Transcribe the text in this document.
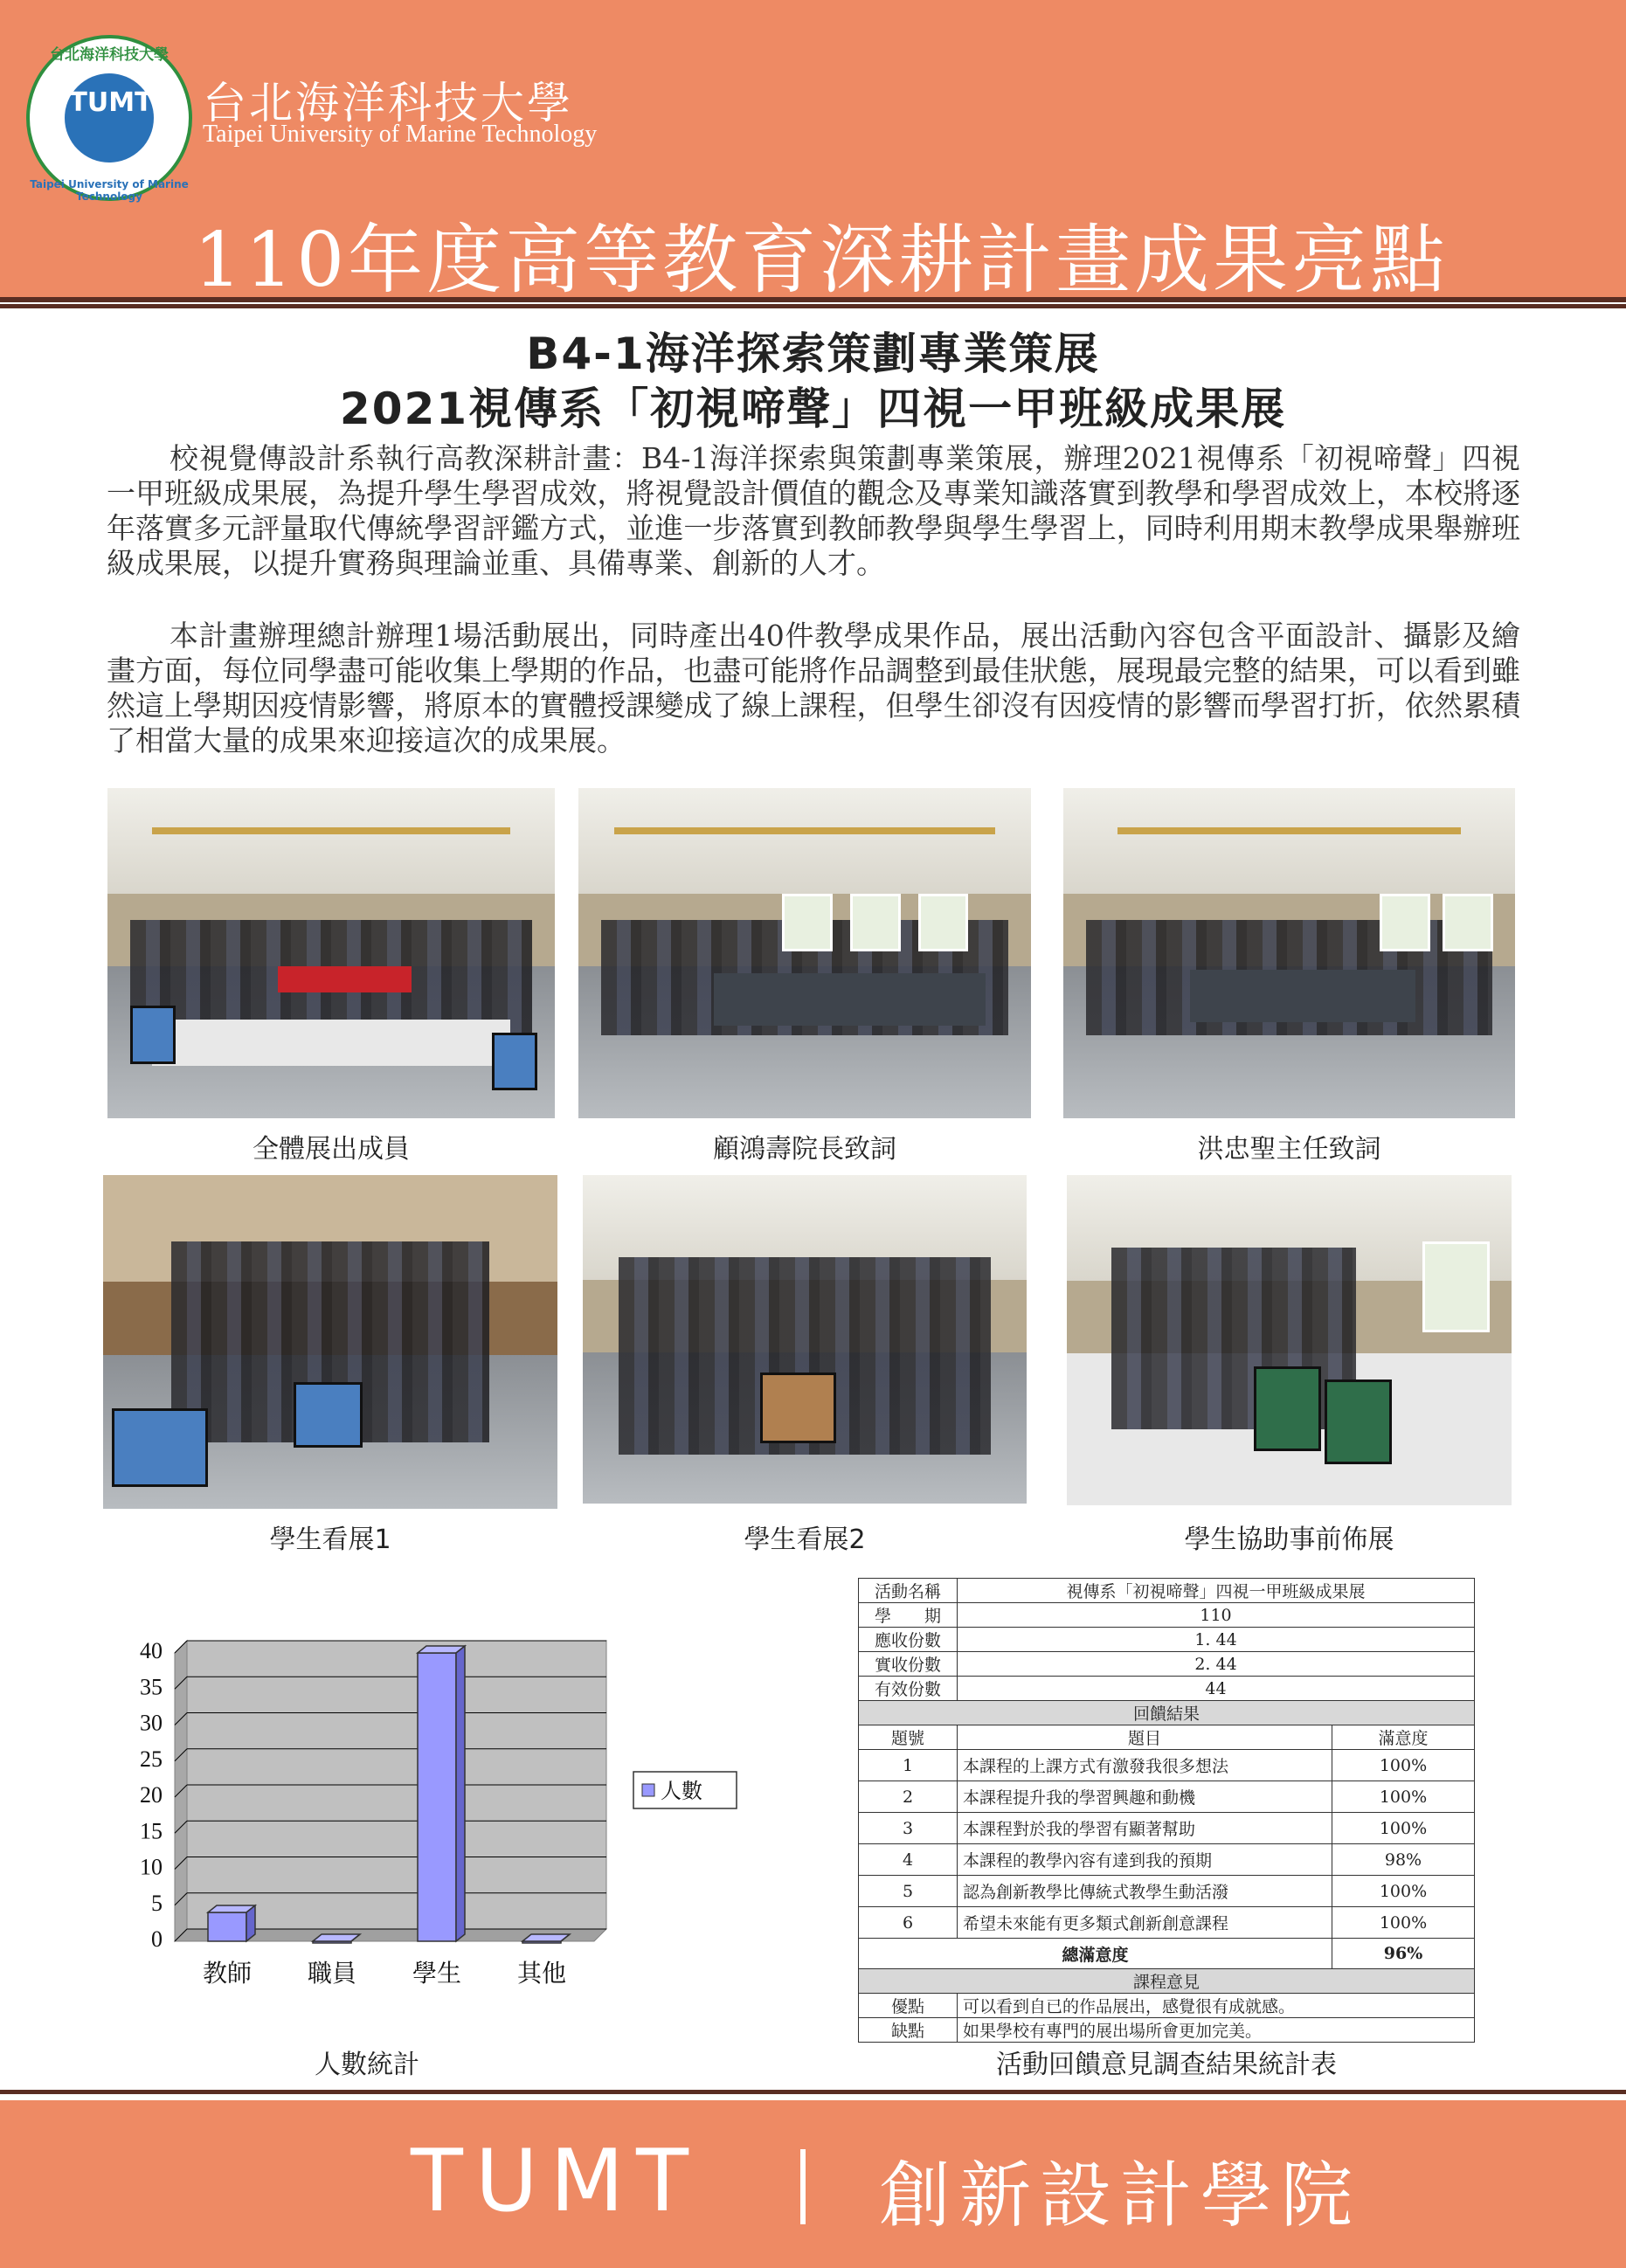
台北海洋科技大學
TUMT
Taipei University of Marine Technology
台北海洋科技大學
Taipei University of Marine Technology
110年度高等教育深耕計畫成果亮點
B4-1海洋探索策劃專業策展
2021視傳系「初視啼聲」四視一甲班級成果展
校視覺傳設計系執行高教深耕計畫：B4-1海洋探索與策劃專業策展，辦理2021視傳系「初視啼聲」四視一甲班級成果展，為提升學生學習成效，將視覺設計價值的觀念及專業知識落實到教學和學習成效上，本校將逐年落實多元評量取代傳統學習評鑑方式，並進一步落實到教師教學與學生學習上，同時利用期末教學成果舉辦班級成果展，以提升實務與理論並重、具備專業、創新的人才。
本計畫辦理總計辦理1場活動展出，同時產出40件教學成果作品，展出活動內容包含平面設計、攝影及繪畫方面，每位同學盡可能收集上學期的作品，也盡可能將作品調整到最佳狀態，展現最完整的結果，可以看到雖然這上學期因疫情影響，將原本的實體授課變成了線上課程，但學生卻沒有因疫情的影響而學習打折，依然累積了相當大量的成果來迎接這次的成果展。
全體展出成員	顧鴻壽院長致詞	洪忠聖主任致詞
學生看展1	學生看展2	學生協助事前佈展
0
5
10
15
20
25
30
35
40
教師 職員 學生 其他
人數
人數統計
活動名稱	視傳系「初視啼聲」四視一甲班級成果展	
學　　期	110	
應收份數	1. 44	
實收份數	2. 44	
有效份數	44	
回饋結果		
題號	題目	滿意度
1	本課程的上課方式有激發我很多想法	100%
2	本課程提升我的學習興趣和動機	100%
3	本課程對於我的學習有顯著幫助	100%
4	本課程的教學內容有達到我的預期	98%
5	認為創新教學比傳統式教學生動活潑	100%
6	希望未來能有更多類式創新創意課程	100%
總滿意度		96%
課程意見		
優點	可以看到自已的作品展出，感覺很有成就感。	
缺點	如果學校有專門的展出場所會更加完美。	
活動回饋意見調查結果統計表
TUMT 創新設計學院
